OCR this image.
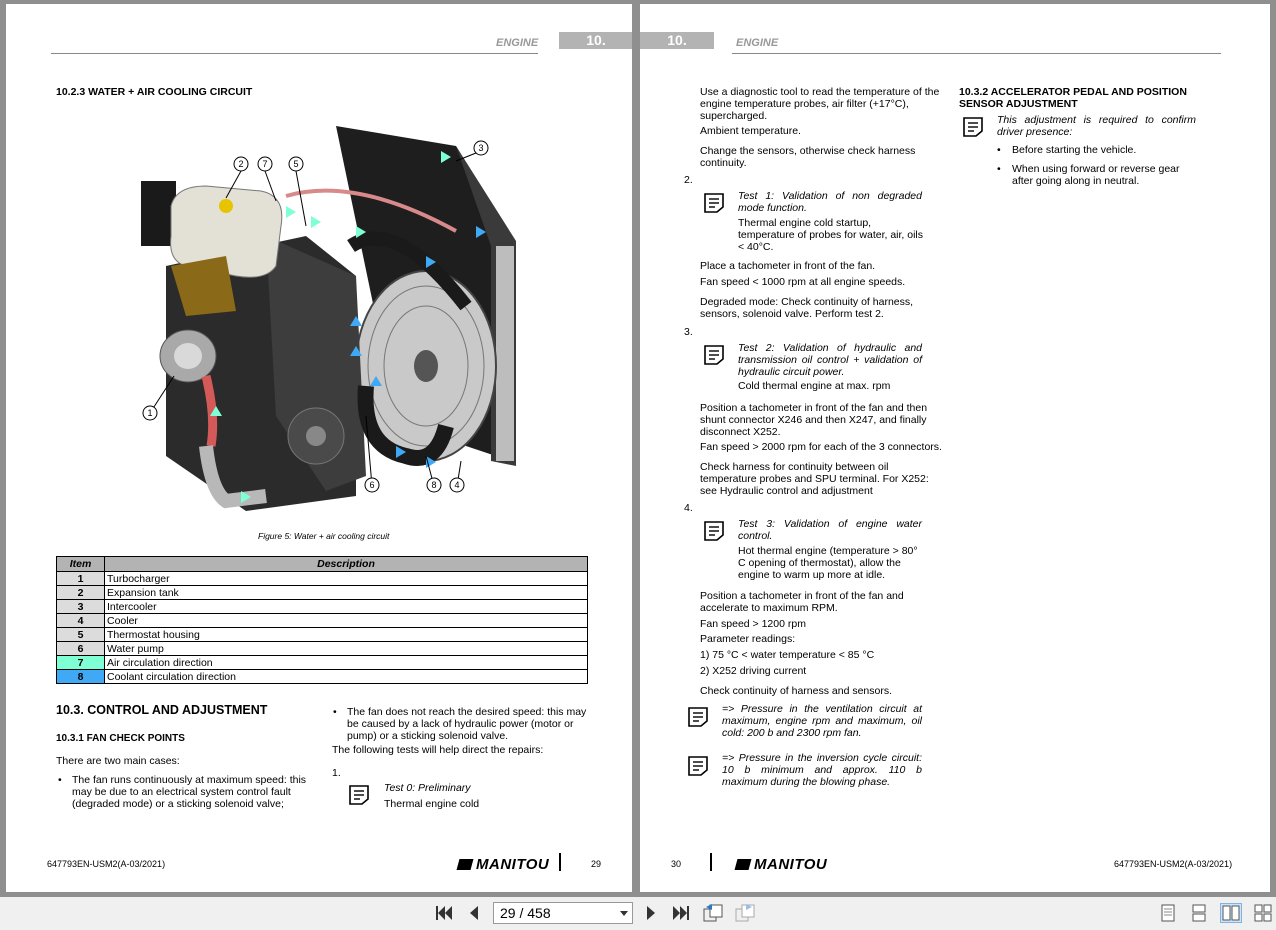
ENGINE	10.
10.2.3 WATER + AIR COOLING CIRCUIT
1
2 7	5
3
6	8 4
Figure 5: Water + air cooling circuit
Item	Description
1	Turbocharger
2	Expansion tank
3	Intercooler
4	Cooler
5	Thermostat housing
6	Water pump
7	Air circulation direction
8	Coolant circulation direction
10.3. CONTROL AND ADJUSTMENT
10.3.1 FAN CHECK POINTS
There are two main cases:
• The fan runs continuously at maximum speed: this may be due to an electrical system control fault (degraded mode) or a sticking solenoid valve;
• The fan does not reach the desired speed: this may be caused by a lack of hydraulic power (motor or pump) or a sticking solenoid valve.
The following tests will help direct the repairs:
1.
Test 0: Preliminary
Thermal engine cold
647793EN-USM2(A-03/2021)	MANITOU	29
10.	ENGINE
Use a diagnostic tool to read the temperature of the engine temperature probes, air filter (+17°C), supercharged.
Ambient temperature.
Change the sensors, otherwise check harness continuity.
2.
Test 1: Validation of non degraded mode function.
Thermal engine cold startup, temperature of probes for water, air, oils < 40°C.
Place a tachometer in front of the fan.
Fan speed < 1000 rpm at all engine speeds.
Degraded mode: Check continuity of harness, sensors, solenoid valve. Perform test 2.
3.
Test 2: Validation of hydraulic and transmission oil control + validation of hydraulic circuit power.
Cold thermal engine at max. rpm
Position a tachometer in front of the fan and then shunt connector X246 and then X247, and finally disconnect X252.
Fan speed > 2000 rpm for each of the 3 connectors.
Check harness for continuity between oil temperature probes and SPU terminal. For X252: see Hydraulic control and adjustment
4.
Test 3: Validation of engine water control.
Hot thermal engine (temperature > 80° C opening of thermostat), allow the engine to warm up more at idle.
Position a tachometer in front of the fan and accelerate to maximum RPM.
Fan speed > 1200 rpm
Parameter readings:
1) 75 °C < water temperature < 85 °C
2) X252 driving current
Check continuity of harness and sensors.
=> Pressure in the ventilation circuit at maximum, engine rpm and maximum, oil cold: 200 b and 2300 rpm fan.
=> Pressure in the inversion cycle circuit: 10 b minimum and approx. 110 b maximum during the blowing phase.
10.3.2 ACCELERATOR PEDAL AND POSITION SENSOR ADJUSTMENT
This adjustment is required to confirm driver presence:
• Before starting the vehicle.
• When using forward or reverse gear after going along in neutral.
30	MANITOU	647793EN-USM2(A-03/2021)
29 / 458
